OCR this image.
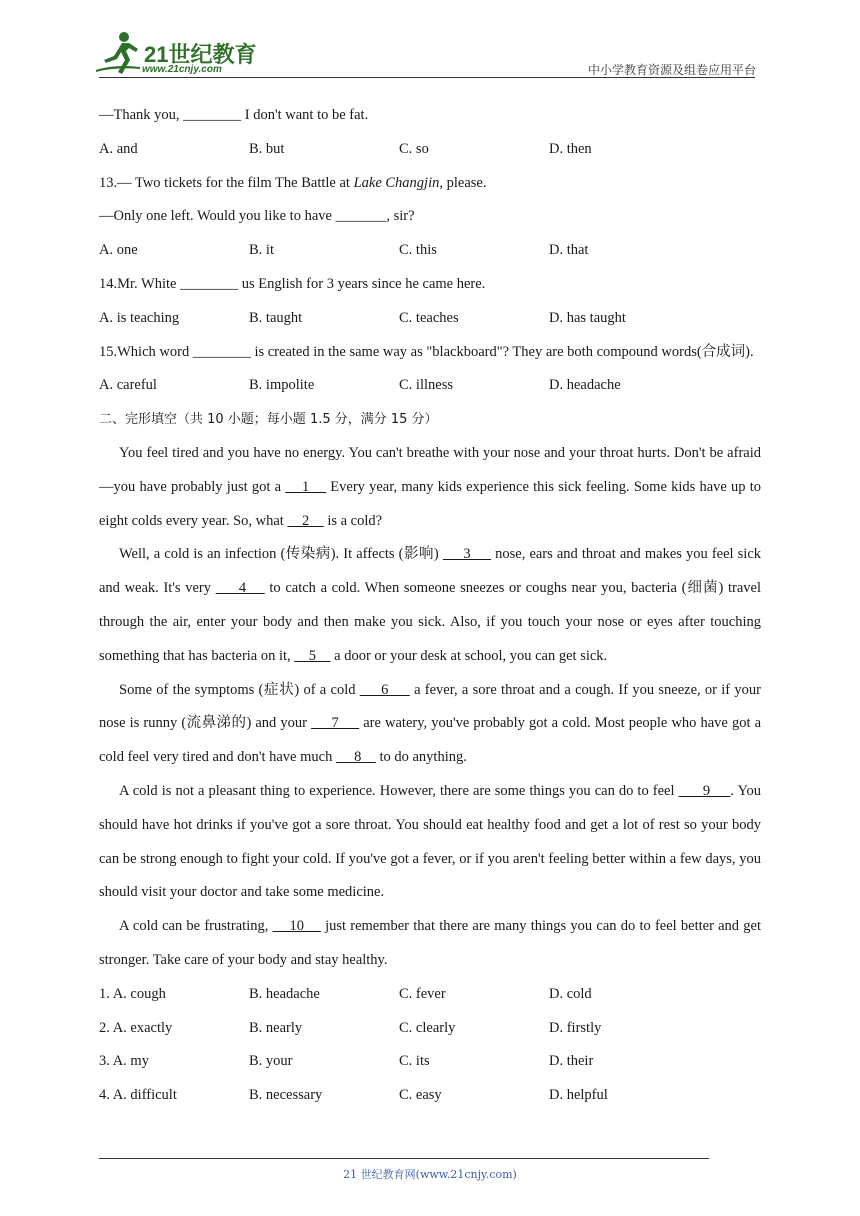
21世纪教育
www.21cnjy.com	中小学教育资源及组卷应用平台
—Thank you, ________ I don't want to be fat.
A. and	B. but	C. so	D. then
13.— Two tickets for the film The Battle at Lake Changjin, please.
—Only one left. Would you like to have _______, sir?
A. one	B. it	C. this	D. that
14.Mr. White ________ us English for 3 years since he came here.
A. is teaching	B. taught	C. teaches	D. has taught
15.Which word ________ is created in the same way as "blackboard"? They are both compound words(合成词).
A. careful	B. impolite	C. illness	D. headache
二、完形填空（共 10 小题；每小题 1.5 分，满分 15 分）
You feel tired and you have no energy. You can't breathe with your nose and your throat hurts. Don't be afraid—you have probably just got a     1     Every year, many kids experience this sick feeling. Some kids have up to eight colds every year. So, what     2     is a cold?
Well, a cold is an infection (传染病). It affects (影响)      3      nose, ears and throat and makes you feel sick and weak. It's very      4     to catch a cold. When someone sneezes or coughs near you, bacteria (细菌) travel through the air, enter your body and then make you sick. Also, if you touch your nose or eyes after touching something that has bacteria on it,     5     a door or your desk at school, you can get sick.
Some of the symptoms (症状) of a cold      6      a fever, a sore throat and a cough. If you sneeze, or if your nose is runny (流鼻涕的) and your      7      are watery, you've probably got a cold. Most people who have got a cold feel very tired and don't have much      8     to do anything.
A cold is not a pleasant thing to experience. However, there are some things you can do to feel       9     . You should have hot drinks if you've got a sore throat. You should eat healthy food and get a lot of rest so your body can be strong enough to fight your cold. If you've got a fever, or if you aren't feeling better within a few days, you should visit your doctor and take some medicine.
A cold can be frustrating,     10     just remember that there are many things you can do to feel better and get stronger. Take care of your body and stay healthy.
1. A. cough	B. headache	C. fever	D. cold
2. A. exactly	B. nearly	C. clearly	D. firstly
3. A. my	B. your	C. its	D. their
4. A. difficult	B. necessary	C. easy	D. helpful
21 世纪教育网(www.21cnjy.com)
